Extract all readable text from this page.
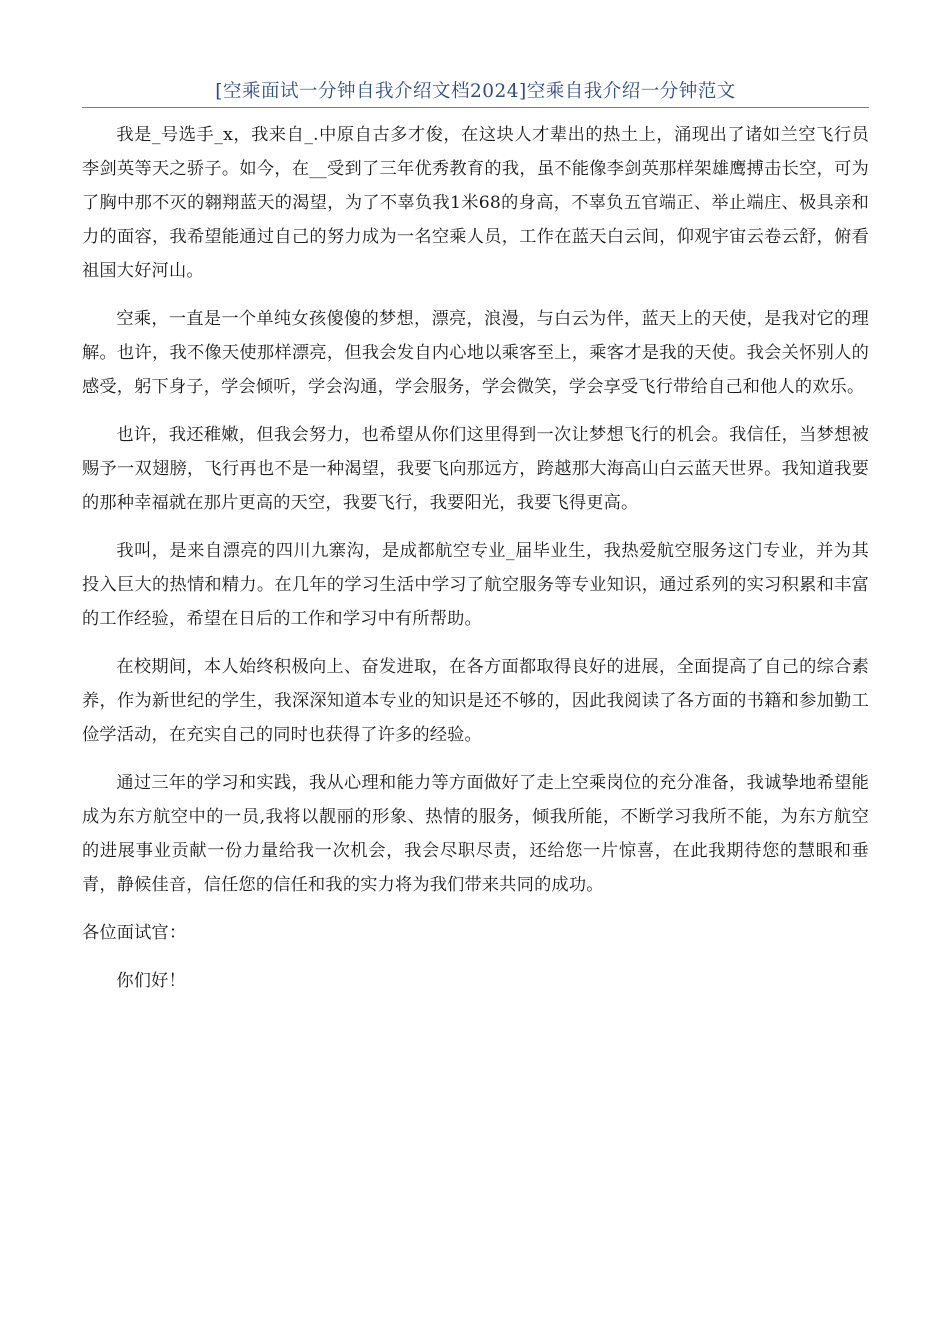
[空乘面试一分钟自我介绍文档2024]空乘自我介绍一分钟范文

我是_号选手_x，我来自_.中原自古多才俊，在这块人才辈出的热土上，涌现出了诸如兰空飞行员李剑英等天之骄子。如今，在__受到了三年优秀教育的我，虽不能像李剑英那样架雄鹰搏击长空，可为了胸中那不灭的翱翔蓝天的渴望，为了不辜负我1米68的身高，不辜负五官端正、举止端庄、极具亲和力的面容，我希望能通过自己的努力成为一名空乘人员，工作在蓝天白云间，仰观宇宙云卷云舒，俯看祖国大好河山。

空乘，一直是一个单纯女孩傻傻的梦想，漂亮，浪漫，与白云为伴，蓝天上的天使，是我对它的理解。也许，我不像天使那样漂亮，但我会发自内心地以乘客至上，乘客才是我的天使。我会关怀别人的感受，躬下身子，学会倾听，学会沟通，学会服务，学会微笑，学会享受飞行带给自己和他人的欢乐。

也许，我还稚嫩，但我会努力，也希望从你们这里得到一次让梦想飞行的机会。我信任，当梦想被赐予一双翅膀，飞行再也不是一种渴望，我要飞向那远方，跨越那大海高山白云蓝天世界。我知道我要的那种幸福就在那片更高的天空，我要飞行，我要阳光，我要飞得更高。

我叫，是来自漂亮的四川九寨沟，是成都航空专业_届毕业生，我热爱航空服务这门专业，并为其投入巨大的热情和精力。在几年的学习生活中学习了航空服务等专业知识，通过系列的实习积累和丰富的工作经验，希望在日后的工作和学习中有所帮助。

在校期间，本人始终积极向上、奋发进取，在各方面都取得良好的进展，全面提高了自己的综合素养，作为新世纪的学生，我深深知道本专业的知识是还不够的，因此我阅读了各方面的书籍和参加勤工俭学活动，在充实自己的同时也获得了许多的经验。

通过三年的学习和实践，我从心理和能力等方面做好了走上空乘岗位的充分准备，我诚挚地希望能成为东方航空中的一员,我将以靓丽的形象、热情的服务，倾我所能，不断学习我所不能，为东方航空的进展事业贡献一份力量给我一次机会，我会尽职尽责，还给您一片惊喜，在此我期待您的慧眼和垂青，静候佳音，信任您的信任和我的实力将为我们带来共同的成功。

各位面试官：

你们好！
